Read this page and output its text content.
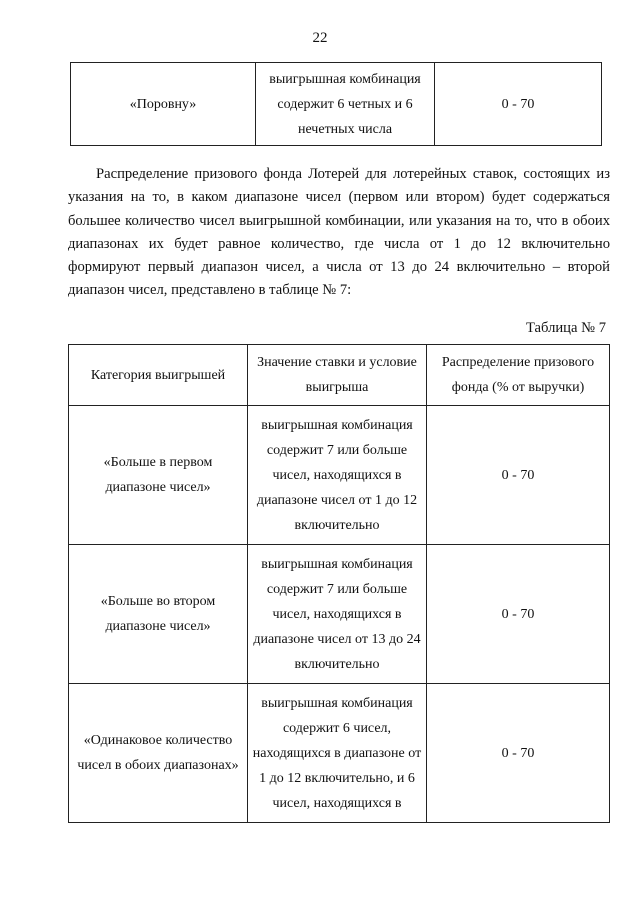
22
«Поровну»	выигрышная комбинация содержит 6 четных и 6 нечетных числа	0 - 70

Распределение призового фонда Лотерей для лотерейных ставок, состоящих из указания на то, в каком диапазоне чисел (первом или втором) будет содержаться большее количество чисел выигрышной комбинации, или указания на то, что в обоих диапазонах их будет равное количество, где числа от 1 до 12 включительно формируют первый диапазон чисел, а числа от 13 до 24 включительно – второй диапазон чисел, представлено в таблице № 7:

Таблица № 7
Категория выигрышей	Значение ставки и условие выигрыша	Распределение призового фонда (% от выручки)
«Больше в первом диапазоне чисел»	выигрышная комбинация содержит 7 или больше чисел, находящихся в диапазоне чисел от 1 до 12 включительно	0 - 70
«Больше во втором диапазоне чисел»	выигрышная комбинация содержит 7 или больше чисел, находящихся в диапазоне чисел от 13 до 24 включительно	0 - 70
«Одинаковое количество чисел в обоих диапазонах»	выигрышная комбинация содержит 6 чисел, находящихся в диапазоне от 1 до 12 включительно, и 6 чисел, находящихся в	0 - 70
